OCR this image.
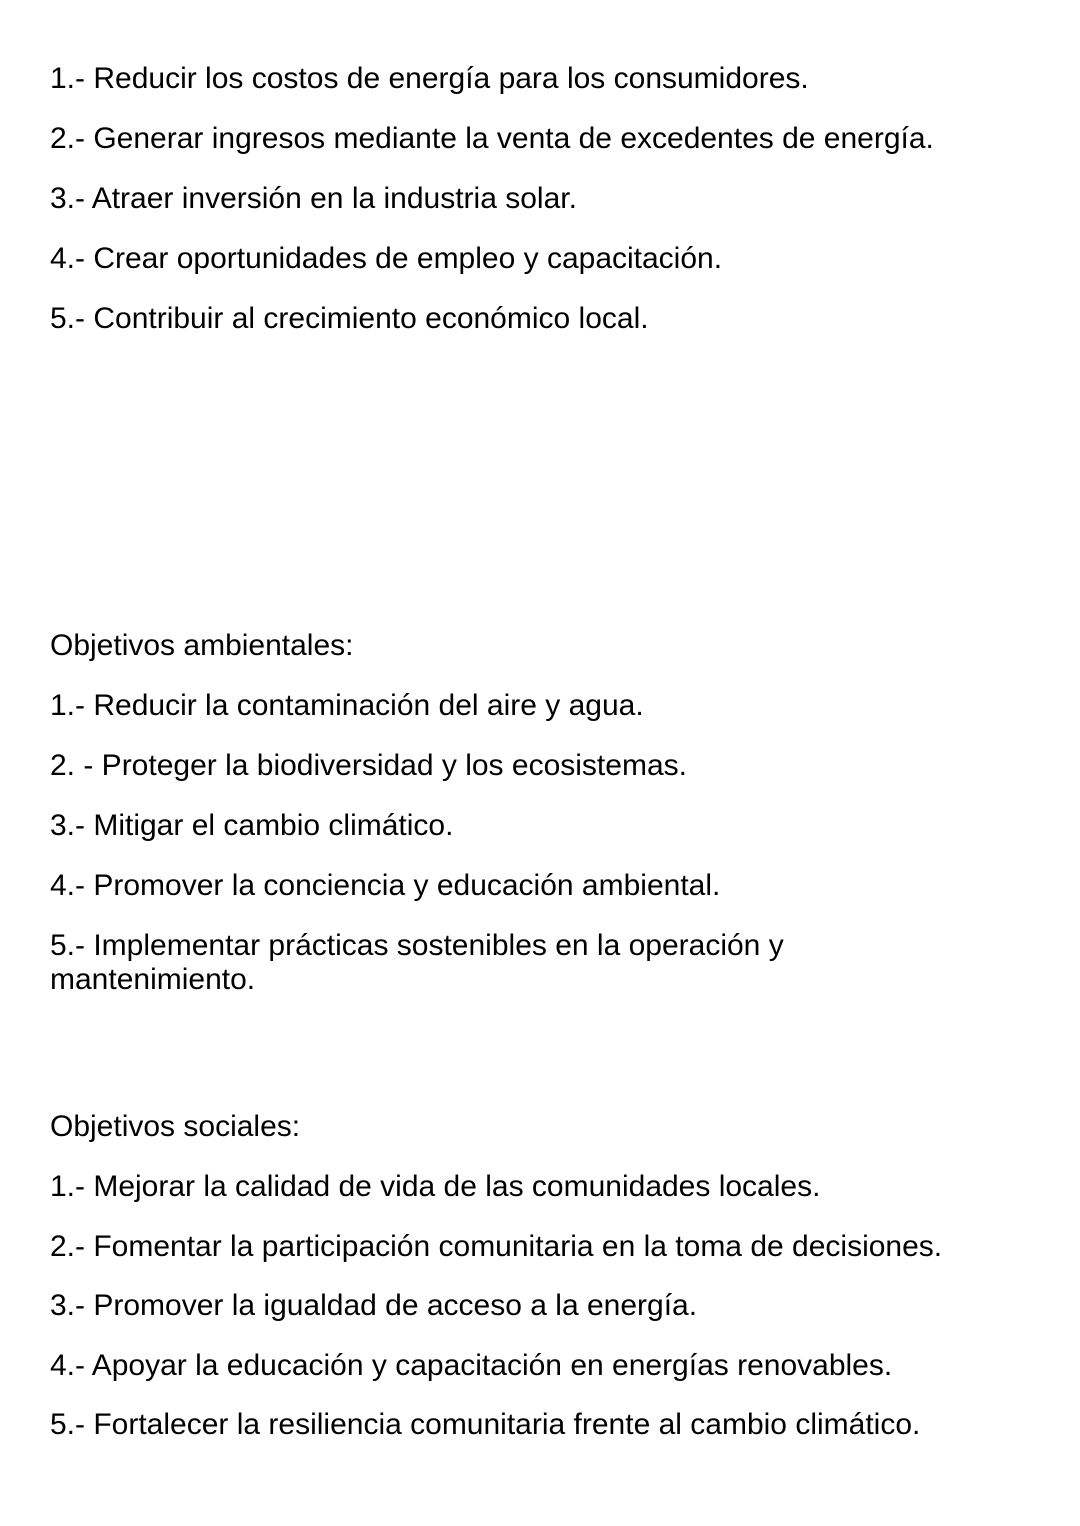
1.- Reducir los costos de energía para los consumidores.
2.- Generar ingresos mediante la venta de excedentes de energía.
3.- Atraer inversión en la industria solar.
4.- Crear oportunidades de empleo y capacitación.
5.- Contribuir al crecimiento económico local.
Objetivos ambientales:
1.- Reducir la contaminación del aire y agua.
2. - Proteger la biodiversidad y los ecosistemas.
3.- Mitigar el cambio climático.
4.- Promover la conciencia y educación ambiental.
5.- Implementar prácticas sostenibles en la operación y mantenimiento.
Objetivos sociales:
1.- Mejorar la calidad de vida de las comunidades locales.
2.- Fomentar la participación comunitaria en la toma de decisiones.
3.- Promover la igualdad de acceso a la energía.
4.- Apoyar la educación y capacitación en energías renovables.
5.- Fortalecer la resiliencia comunitaria frente al cambio climático.
